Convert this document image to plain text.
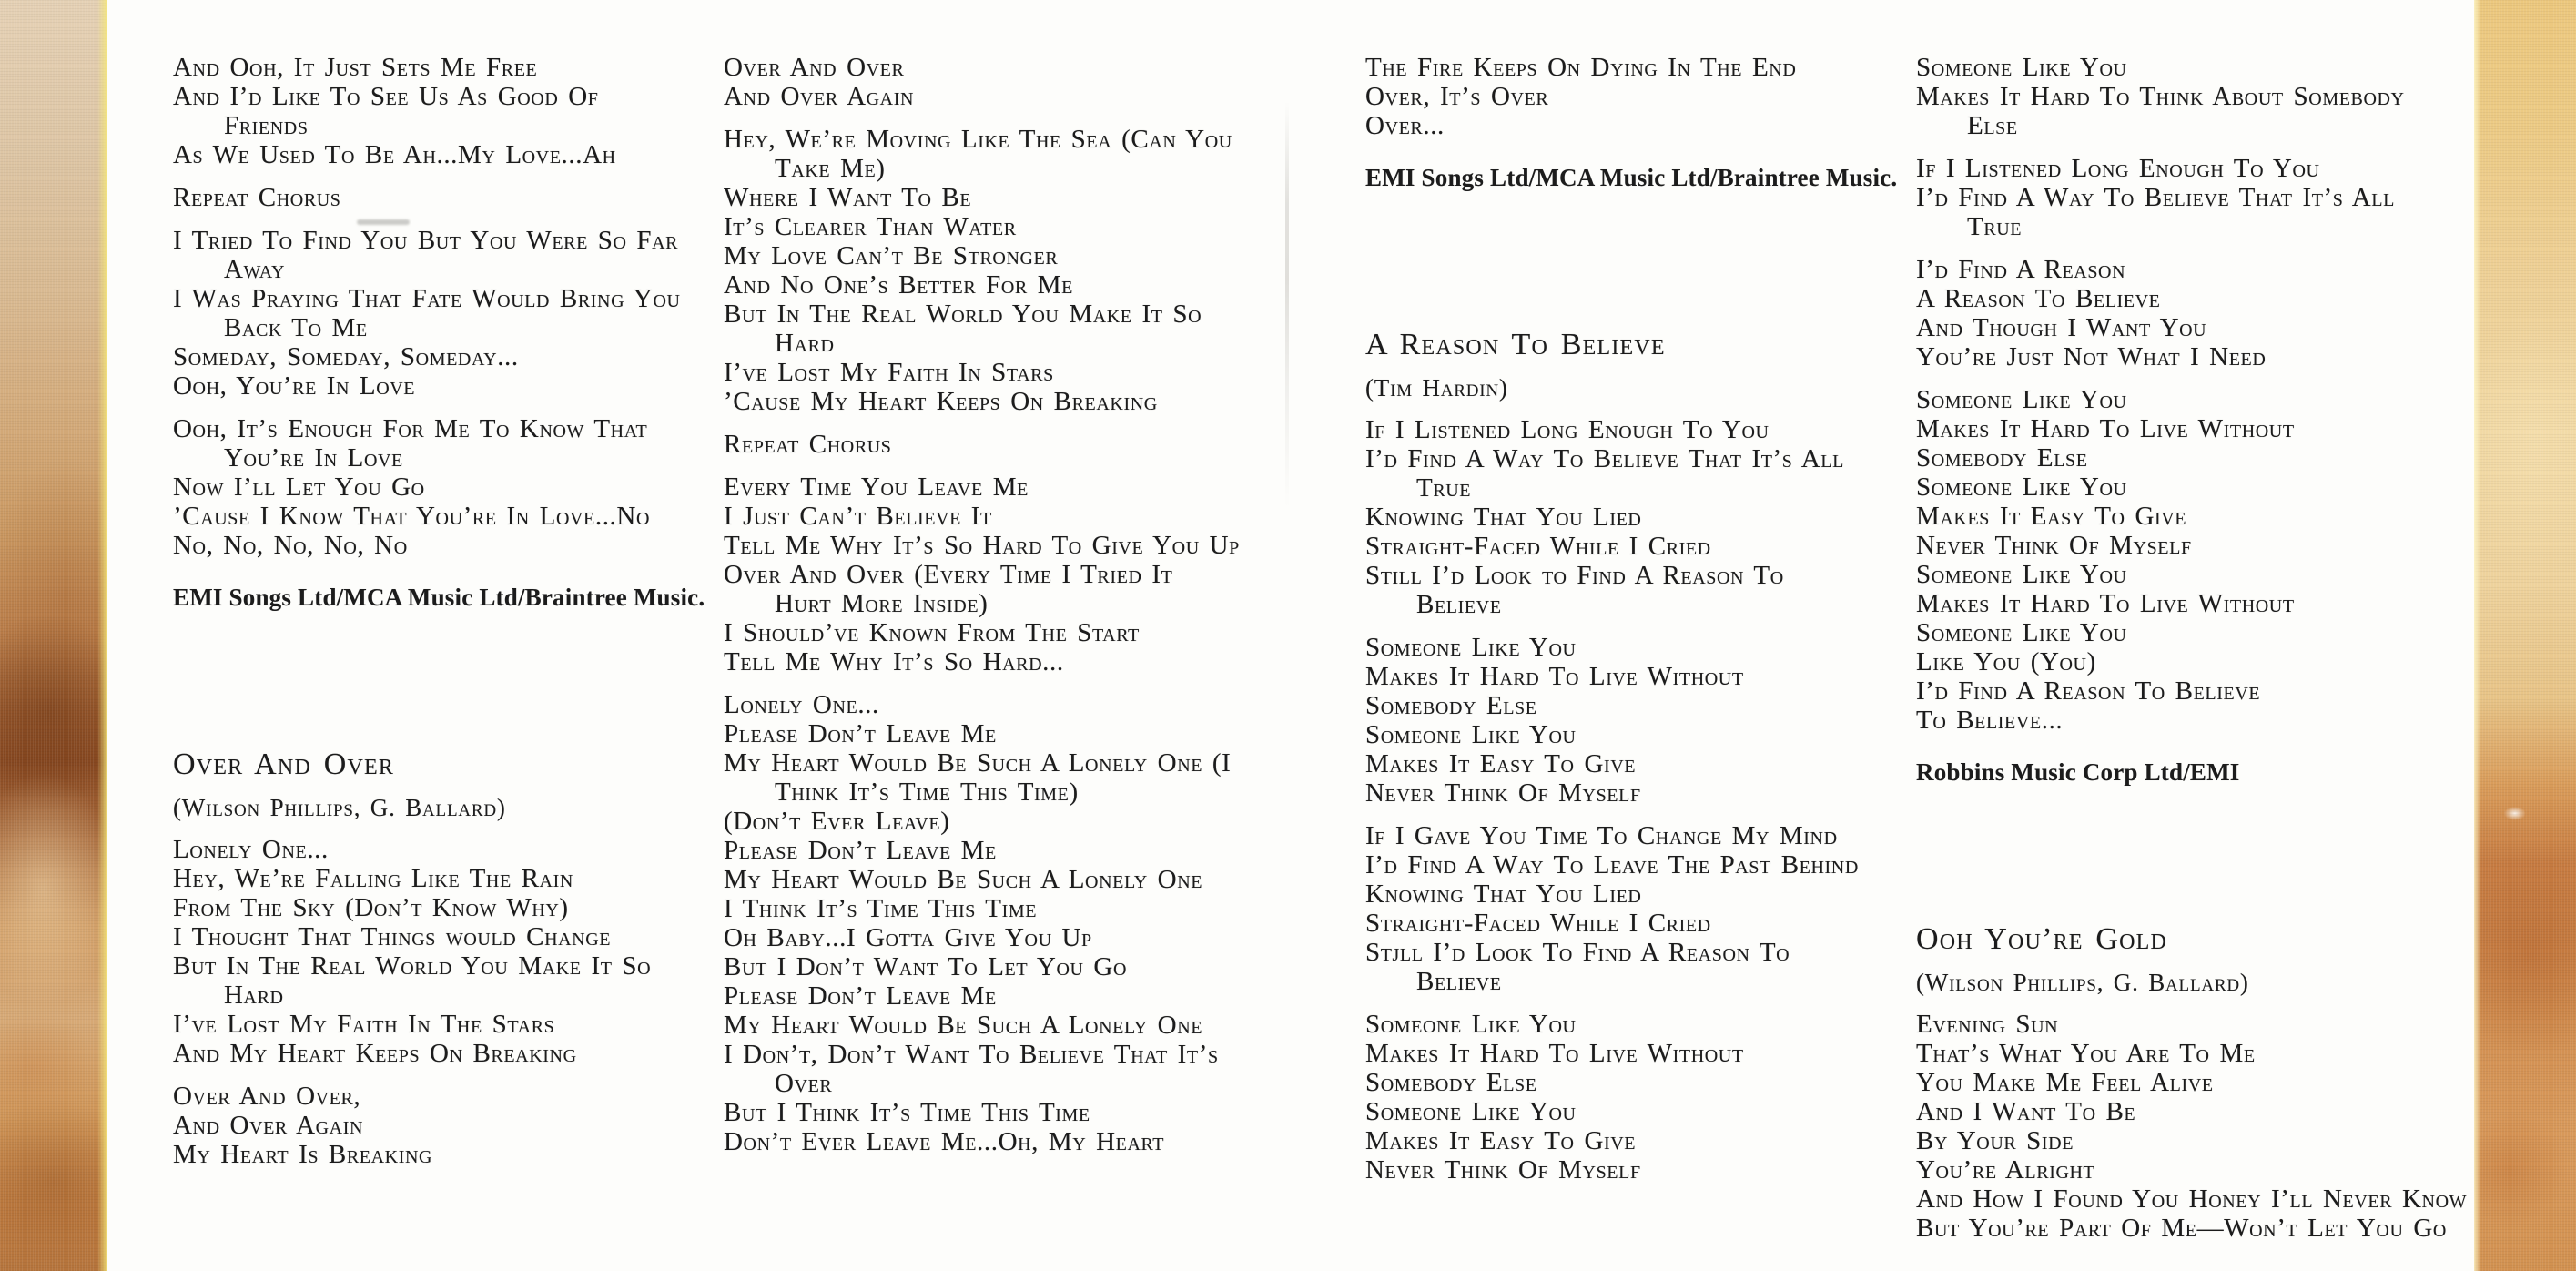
And Ooh, It Just Sets Me Free
And I’d Like To See Us As Good Of
Friends
As We Used To Be Ah...My Love...Ah
Repeat Chorus
I Tried To Find You But You Were So Far
Away
I Was Praying That Fate Would Bring You
Back To Me
Someday, Someday, Someday...
Ooh, You’re In Love
Ooh, It’s Enough For Me To Know That
You’re In Love
Now I’ll Let You Go
’Cause I Know That You’re In Love...No
No, No, No, No, No
EMI Songs Ltd/MCA Music Ltd/Braintree Music.
Over And Over
(Wilson Phillips, G. Ballard)
Lonely One...
Hey, We’re Falling Like The Rain
From The Sky (Don’t Know Why)
I Thought That Things would Change
But In The Real World You Make It So
Hard
I’ve Lost My Faith In The Stars
And My Heart Keeps On Breaking
Over And Over,
And Over Again
My Heart Is Breaking
Over And Over
And Over Again
Hey, We’re Moving Like The Sea (Can You
Take Me)
Where I Want To Be
It’s Clearer Than Water
My Love Can’t Be Stronger
And No One’s Better For Me
But In The Real World You Make It So
Hard
I’ve Lost My Faith In Stars
’Cause My Heart Keeps On Breaking
Repeat Chorus
Every Time You Leave Me
I Just Can’t Believe It
Tell Me Why It’s So Hard To Give You Up
Over And Over (Every Time I Tried It
Hurt More Inside)
I Should’ve Known From The Start
Tell Me Why It’s So Hard...
Lonely One...
Please Don’t Leave Me
My Heart Would Be Such A Lonely One (I
Think It’s Time This Time)
(Don’t Ever Leave)
Please Don’t Leave Me
My Heart Would Be Such A Lonely One
I Think It’s Time This Time
Oh Baby...I Gotta Give You Up
But I Don’t Want To Let You Go
Please Don’t Leave Me
My Heart Would Be Such A Lonely One
I Don’t, Don’t Want To Believe That It’s
Over
But I Think It’s Time This Time
Don’t Ever Leave Me...Oh, My Heart
The Fire Keeps On Dying In The End
Over, It’s Over
Over...
EMI Songs Ltd/MCA Music Ltd/Braintree Music.
A Reason To Believe
(Tim Hardin)
If I Listened Long Enough To You
I’d Find A Way To Believe That It’s All
True
Knowing That You Lied
Straight-Faced While I Cried
Still I’d Look to Find A Reason To
Believe
Someone Like You
Makes It Hard To Live Without
Somebody Else
Someone Like You
Makes It Easy To Give
Never Think Of Myself
If I Gave You Time To Change My Mind
I’d Find A Way To Leave The Past Behind
Knowing That You Lied
Straight-Faced While I Cried
Stjll I’d Look To Find A Reason To
Believe
Someone Like You
Makes It Hard To Live Without
Somebody Else
Someone Like You
Makes It Easy To Give
Never Think Of Myself
Someone Like You
Makes It Hard To Think About Somebody
Else
If I Listened Long Enough To You
I’d Find A Way To Believe That It’s All
True
I’d Find A Reason
A Reason To Believe
And Though I Want You
You’re Just Not What I Need
Someone Like You
Makes It Hard To Live Without
Somebody Else
Someone Like You
Makes It Easy To Give
Never Think Of Myself
Someone Like You
Makes It Hard To Live Without
Someone Like You
Like You (You)
I’d Find A Reason To Believe
To Believe...
Robbins Music Corp Ltd/EMI
Ooh You’re Gold
(Wilson Phillips, G. Ballard)
Evening Sun
That’s What You Are To Me
You Make Me Feel Alive
And I Want To Be
By Your Side
You’re Alright
And How I Found You Honey I’ll Never Know
But You’re Part Of Me—Won’t Let You Go
